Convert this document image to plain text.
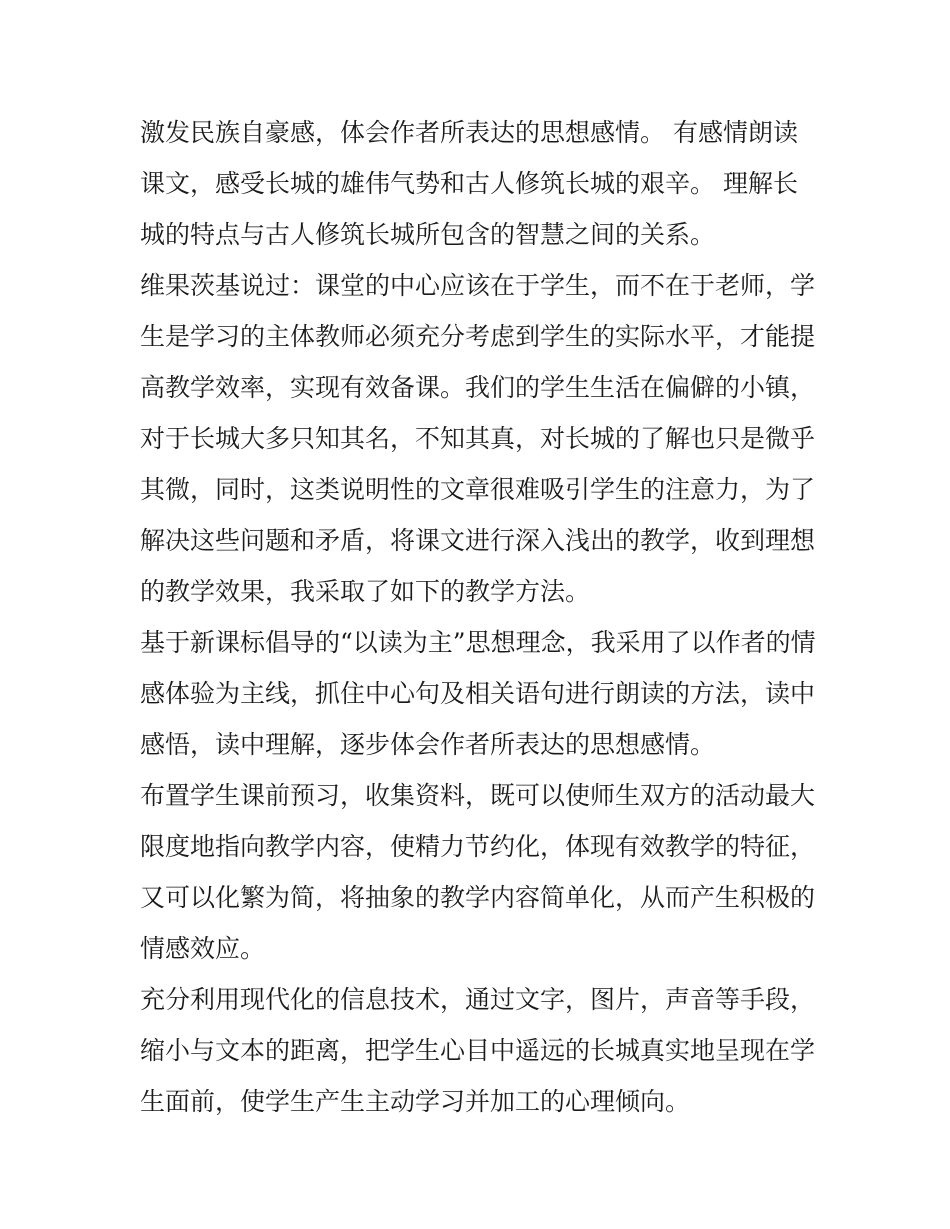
激发民族自豪感，体会作者所表达的思想感情。 有感情朗读
课文，感受长城的雄伟气势和古人修筑长城的艰辛。 理解长
城的特点与古人修筑长城所包含的智慧之间的关系。
维果茨基说过：课堂的中心应该在于学生，而不在于老师，学
生是学习的主体教师必须充分考虑到学生的实际水平，才能提
高教学效率，实现有效备课。我们的学生生活在偏僻的小镇，
对于长城大多只知其名，不知其真，对长城的了解也只是微乎
其微，同时，这类说明性的文章很难吸引学生的注意力，为了
解决这些问题和矛盾，将课文进行深入浅出的教学，收到理想
的教学效果，我采取了如下的教学方法。
基于新课标倡导的“以读为主”思想理念，我采用了以作者的情
感体验为主线，抓住中心句及相关语句进行朗读的方法，读中
感悟，读中理解，逐步体会作者所表达的思想感情。
布置学生课前预习，收集资料，既可以使师生双方的活动最大
限度地指向教学内容，使精力节约化，体现有效教学的特征，
又可以化繁为简，将抽象的教学内容简单化，从而产生积极的
情感效应。
充分利用现代化的信息技术，通过文字，图片，声音等手段，
缩小与文本的距离，把学生心目中遥远的长城真实地呈现在学
生面前，使学生产生主动学习并加工的心理倾向。
